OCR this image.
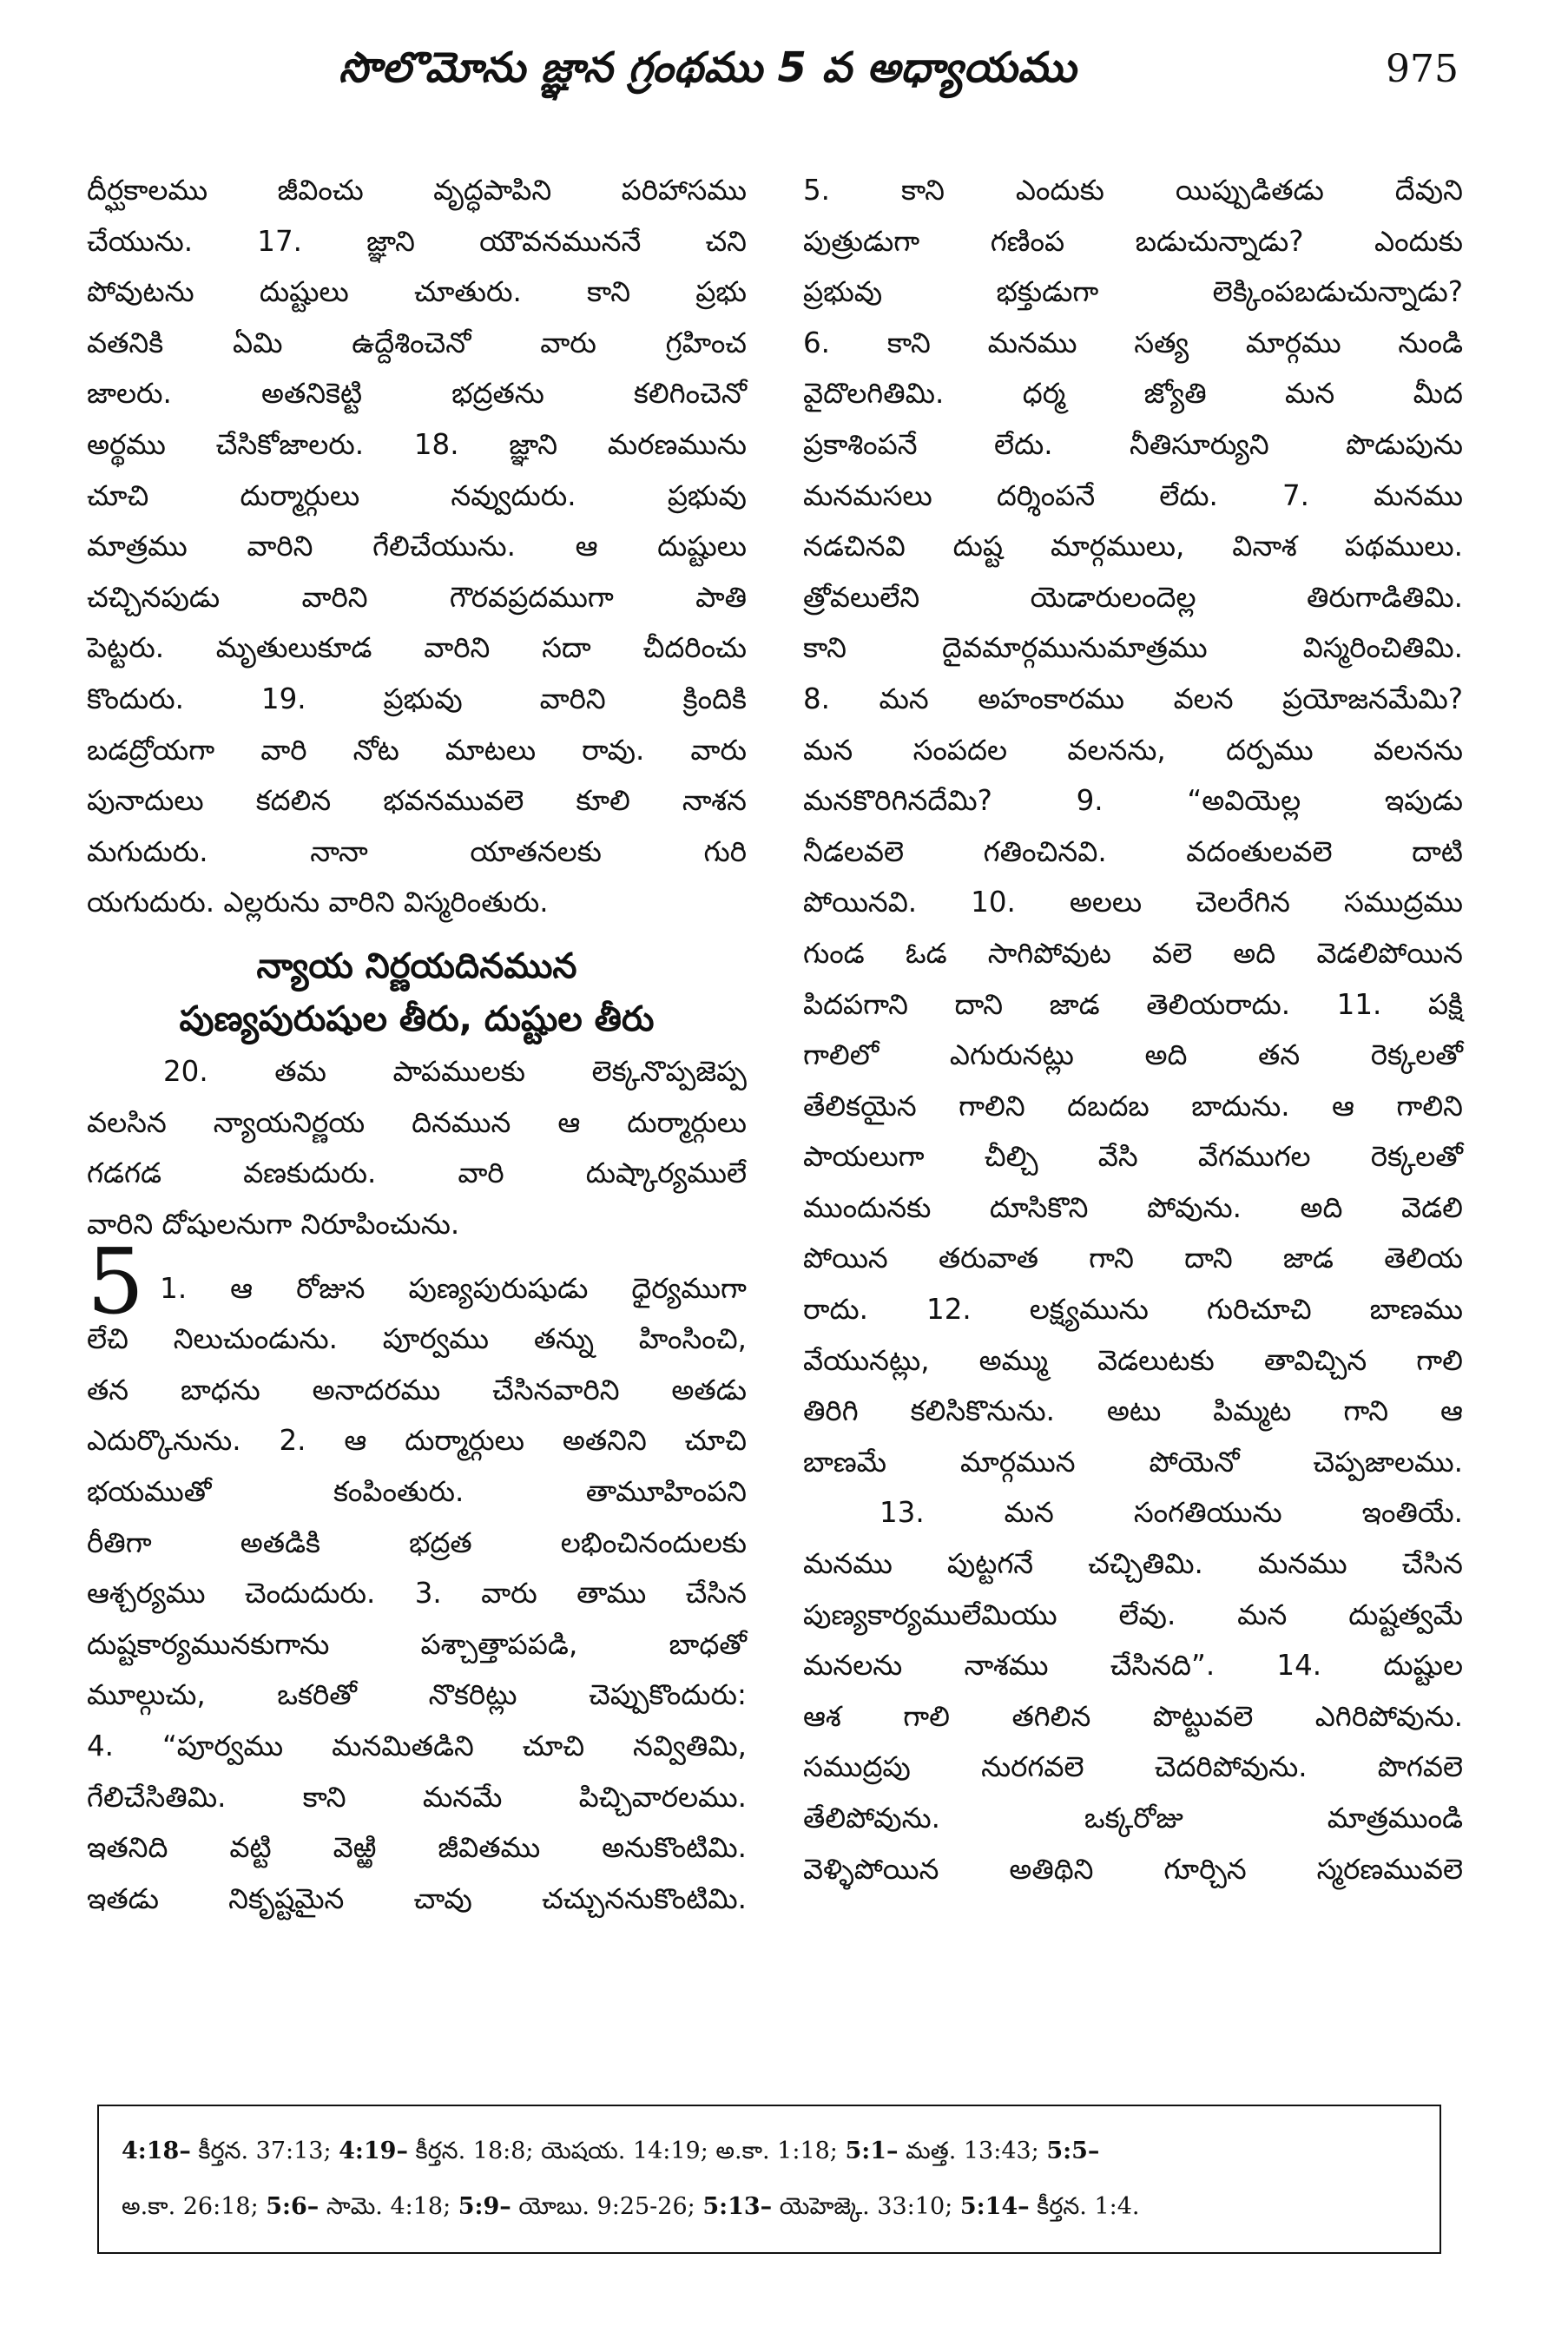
సొలొమోను జ్ఞాన గ్రంథము 5 వ అధ్యాయము	975
దీర్ఘకాలము జీవించు వృద్ధపాపిని పరిహాసము
చేయును. 17. జ్ఞాని యౌవనముననే చని
పోవుటను దుష్టులు చూతురు. కాని ప్రభు
వతనికి ఏమి ఉద్దేశించెనో వారు గ్రహించ
జాలరు. అతనికెట్టి భద్రతను కలిగించెనో
అర్థము చేసికోజాలరు. 18. జ్ఞాని మరణమును
చూచి దుర్మార్గులు నవ్వుదురు. ప్రభువు
మాత్రము వారిని గేలిచేయును. ఆ దుష్టులు
చచ్చినపుడు వారిని గౌరవప్రదముగా పాతి
పెట్టరు. మృతులుకూడ వారిని సదా చీదరించు
కొందురు. 19. ప్రభువు వారిని క్రిందికి
బడద్రోయగా వారి నోట మాటలు రావు. వారు
పునాదులు కదలిన భవనమువలె కూలి నాశన
మగుదురు. నానా యాతనలకు గురి
యగుదురు. ఎల్లరును వారిని విస్మరింతురు.
న్యాయ నిర్ణయదినమున
పుణ్యపురుషుల తీరు, దుష్టుల తీరు
20. తమ పాపములకు లెక్కనొప్పజెప్ప
వలసిన న్యాయనిర్ణయ దినమున ఆ దుర్మార్గులు
గడగడ వణకుదురు. వారి దుష్కార్యములే
వారిని దోషులనుగా నిరూపించును.
5 1. ఆ రోజున పుణ్యపురుషుడు ధైర్యముగా
లేచి నిలుచుండును. పూర్వము తన్ను హింసించి,
తన బాధను అనాదరము చేసినవారిని అతడు
ఎదుర్కొనును. 2. ఆ దుర్మార్గులు అతనిని చూచి
భయముతో కంపింతురు. తామూహింపని
రీతిగా అతడికి భద్రత లభించినందులకు
ఆశ్చర్యము చెందుదురు. 3. వారు తాము చేసిన
దుష్టకార్యమునకుగాను పశ్చాత్తాపపడి, బాధతో
మూల్గుచు, ఒకరితో నొకరిట్లు చెప్పుకొందురు:
4. “పూర్వము మనమితడిని చూచి నవ్వితిమి,
గేలిచేసితిమి. కాని మనమే పిచ్చివారలము.
ఇతనిది వట్టి వెఱ్ఱి జీవితము అనుకొంటిమి.
ఇతడు నికృష్టమైన చావు చచ్చుననుకొంటిమి.
5. కాని ఎందుకు యిప్పుడితడు దేవుని
పుత్రుడుగా గణింప బడుచున్నాడు? ఎందుకు
ప్రభువు భక్తుడుగా లెక్కింపబడుచున్నాడు?
6. కాని మనము సత్య మార్గము నుండి
వైదొలగితిమి. ధర్మ జ్యోతి మన మీద
ప్రకాశింపనే లేదు. నీతిసూర్యుని పొడుపును
మనమసలు దర్శింపనే లేదు. 7. మనము
నడచినవి దుష్ట మార్గములు, వినాశ పథములు.
త్రోవలులేని యెడారులందెల్ల తిరుగాడితిమి.
కాని దైవమార్గమునుమాత్రము విస్మరించితిమి.
8. మన అహంకారము వలన ప్రయోజనమేమి?
మన సంపదల వలనను, దర్పము వలనను
మనకొరిగినదేమి? 9. “అవియెల్ల ఇపుడు
నీడలవలె గతించినవి. వదంతులవలె దాటి
పోయినవి. 10. అలలు చెలరేగిన సముద్రము
గుండ ఓడ సాగిపోవుట వలె అది వెడలిపోయిన
పిదపగాని దాని జాడ తెలియరాదు. 11. పక్షి
గాలిలో ఎగురునట్లు అది తన రెక్కలతో
తేలికయైన గాలిని దబదబ బాదును. ఆ గాలిని
పాయలుగా చీల్చి వేసి వేగముగల రెక్కలతో
ముందునకు దూసికొని పోవును. అది వెడలి
పోయిన తరువాత గాని దాని జాడ తెలియ
రాదు. 12. లక్ష్యమును గురిచూచి బాణము
వేయునట్లు, అమ్ము వెడలుటకు తావిచ్చిన గాలి
తిరిగి కలిసికొనును. అటు పిమ్మట గాని ఆ
బాణమే మార్గమున పోయెనో చెప్పజాలము.
13. మన సంగతియును ఇంతియే.
మనము పుట్టగనే చచ్చితిమి. మనము చేసిన
పుణ్యకార్యములేమియు లేవు. మన దుష్టత్వమే
మనలను నాశము చేసినది”. 14. దుష్టుల
ఆశ గాలి తగిలిన పొట్టువలె ఎగిరిపోవును.
సముద్రపు నురగవలె చెదరిపోవును. పొగవలె
తేలిపోవును. ఒక్కరోజు మాత్రముండి
వెళ్ళిపోయిన అతిథిని గూర్చిన స్మరణమువలె
4:18– కీర్తన. 37:13; 4:19– కీర్తన. 18:8; యెషయ. 14:19; అ.కా. 1:18; 5:1– మత్త. 13:43; 5:5–
అ.కా. 26:18; 5:6– సామె. 4:18; 5:9– యోబు. 9:25-26; 5:13– యెహెజ్కె. 33:10; 5:14– కీర్తన. 1:4.
